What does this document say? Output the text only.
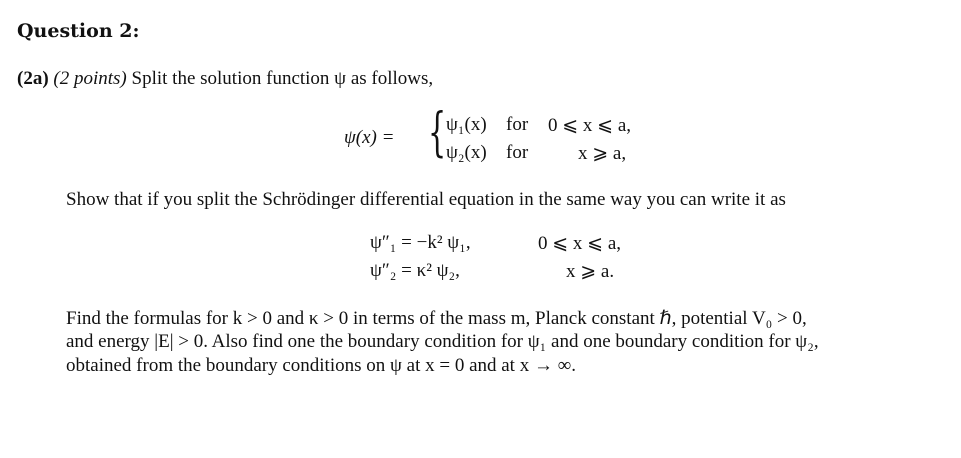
Question 2:
(2a) (2 points) Split the solution function ψ as follows,
ψ(x) = { ψ₁(x) for 0 ⩽ x ⩽ a,
ψ₂(x) for	x ⩾ a,
Show that if you split the Schrödinger differential equation in the same way you can write it as
ψ″₁ = −k² ψ₁,	0 ⩽ x ⩽ a,
ψ″₂ = κ² ψ₂,	x ⩾ a.
Find the formulas for k > 0 and κ > 0 in terms of the mass m, Planck constant ℏ, potential V₀ > 0,
and energy |E| > 0. Also find one the boundary condition for ψ₁ and one boundary condition for ψ₂,
obtained from the boundary conditions on ψ at x = 0 and at x → ∞.
